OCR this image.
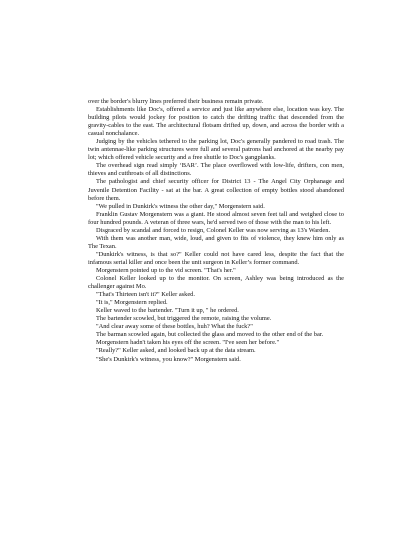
over the border's blurry lines preferred their business remain private.

Establishments like Doc's, offered a service and just like anywhere else, location was key. The building pilots would jockey for position to catch the drifting traffic that descended from the gravity-cables to the east. The architectural flotsam drifted up, down, and across the border with a casual nonchalance.

Judging by the vehicles tethered to the parking lot, Doc's generally pandered to road trash. The twin antennae-like parking structures were full and several patrons had anchored at the nearby pay lot; which offered vehicle security and a free shuttle to Doc's gangplanks.

The overhead sign read simply ‘BAR’. The place overflowed with low-life, drifters, con men, thieves and cutthroats of all distinctions.

The pathologist and chief security officer for District 13 - The Angel City Orphanage and Juvenile Detention Facility - sat at the bar. A great collection of empty bottles stood abandoned before them.

"We pulled in Dunkirk's witness the other day," Morgenstern said.

Franklin Gustav Morgenstern was a giant. He stood almost seven feet tall and weighed close to four hundred pounds. A veteran of three wars, he'd served two of those with the man to his left.

Disgraced by scandal and forced to resign, Colonel Keller was now serving as 13's Warden.

With them was another man, wide, loud, and given to fits of violence, they knew him only as The Texan.

"Dunkirk's witness, is that so?" Keller could not have cared less, despite the fact that the infamous serial killer and once been the unit surgeon in Keller’s former command.

Morgenstern pointed up to the vid screen. "That's her."

Colonel Keller looked up to the monitor. On screen, Ashley was being introduced as the challenger against Mo.

"That's Thirteen isn't it?" Keller asked.

"It is," Morgenstern replied.

Keller waved to the bartender. "Turn it up, " he ordered.

The bartender scowled, but triggered the remote, raising the volume.

"And clear away some of these bottles, huh? What the fuck?"

The barman scowled again, but collected the glass and moved to the other end of the bar.

Morgenstern hadn't taken his eyes off the screen. "I've seen her before."

"Really?" Keller asked, and looked back up at the data stream.

"She's Dunkirk's witness, you know?" Morgenstern said.
